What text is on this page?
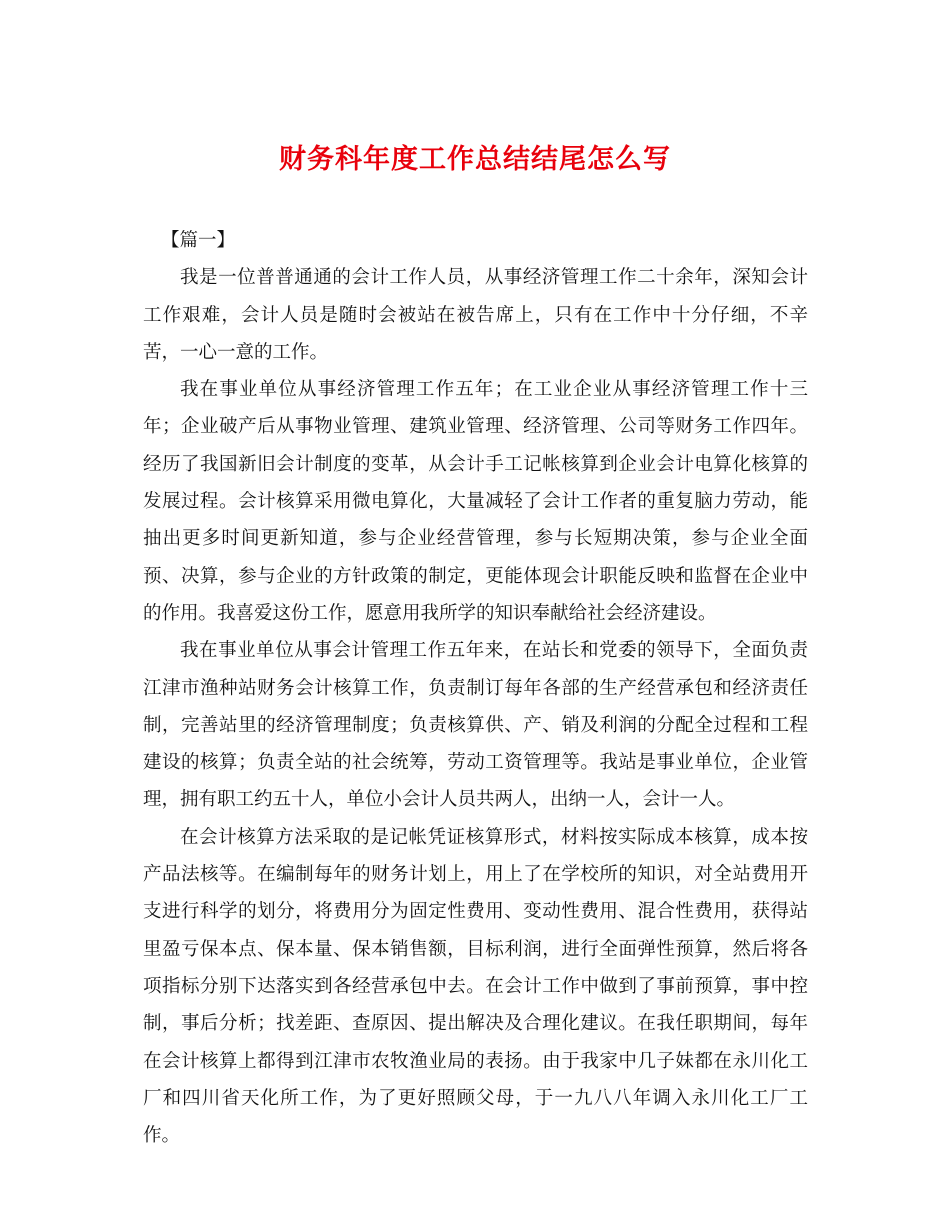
财务科年度工作总结结尾怎么写

【篇一】

我是一位普普通通的会计工作人员，从事经济管理工作二十余年，深知会计工作艰难，会计人员是随时会被站在被告席上，只有在工作中十分仔细，不辛苦，一心一意的工作。

我在事业单位从事经济管理工作五年；在工业企业从事经济管理工作十三年；企业破产后从事物业管理、建筑业管理、经济管理、公司等财务工作四年。经历了我国新旧会计制度的变革，从会计手工记帐核算到企业会计电算化核算的发展过程。会计核算采用微电算化，大量减轻了会计工作者的重复脑力劳动，能抽出更多时间更新知道，参与企业经营管理，参与长短期决策，参与企业全面预、决算，参与企业的方针政策的制定，更能体现会计职能反映和监督在企业中的作用。我喜爱这份工作，愿意用我所学的知识奉献给社会经济建设。

我在事业单位从事会计管理工作五年来，在站长和党委的领导下，全面负责江津市渔种站财务会计核算工作，负责制订每年各部的生产经营承包和经济责任制，完善站里的经济管理制度；负责核算供、产、销及利润的分配全过程和工程建设的核算；负责全站的社会统筹，劳动工资管理等。我站是事业单位，企业管理，拥有职工约五十人，单位小会计人员共两人，出纳一人，会计一人。

在会计核算方法采取的是记帐凭证核算形式，材料按实际成本核算，成本按产品法核等。在编制每年的财务计划上，用上了在学校所的知识，对全站费用开支进行科学的划分，将费用分为固定性费用、变动性费用、混合性费用，获得站里盈亏保本点、保本量、保本销售额，目标利润，进行全面弹性预算，然后将各项指标分别下达落实到各经营承包中去。在会计工作中做到了事前预算，事中控制，事后分析；找差距、查原因、提出解决及合理化建议。在我任职期间，每年在会计核算上都得到江津市农牧渔业局的表扬。由于我家中几子妹都在永川化工厂和四川省天化所工作，为了更好照顾父母，于一九八八年调入永川化工厂工作。
